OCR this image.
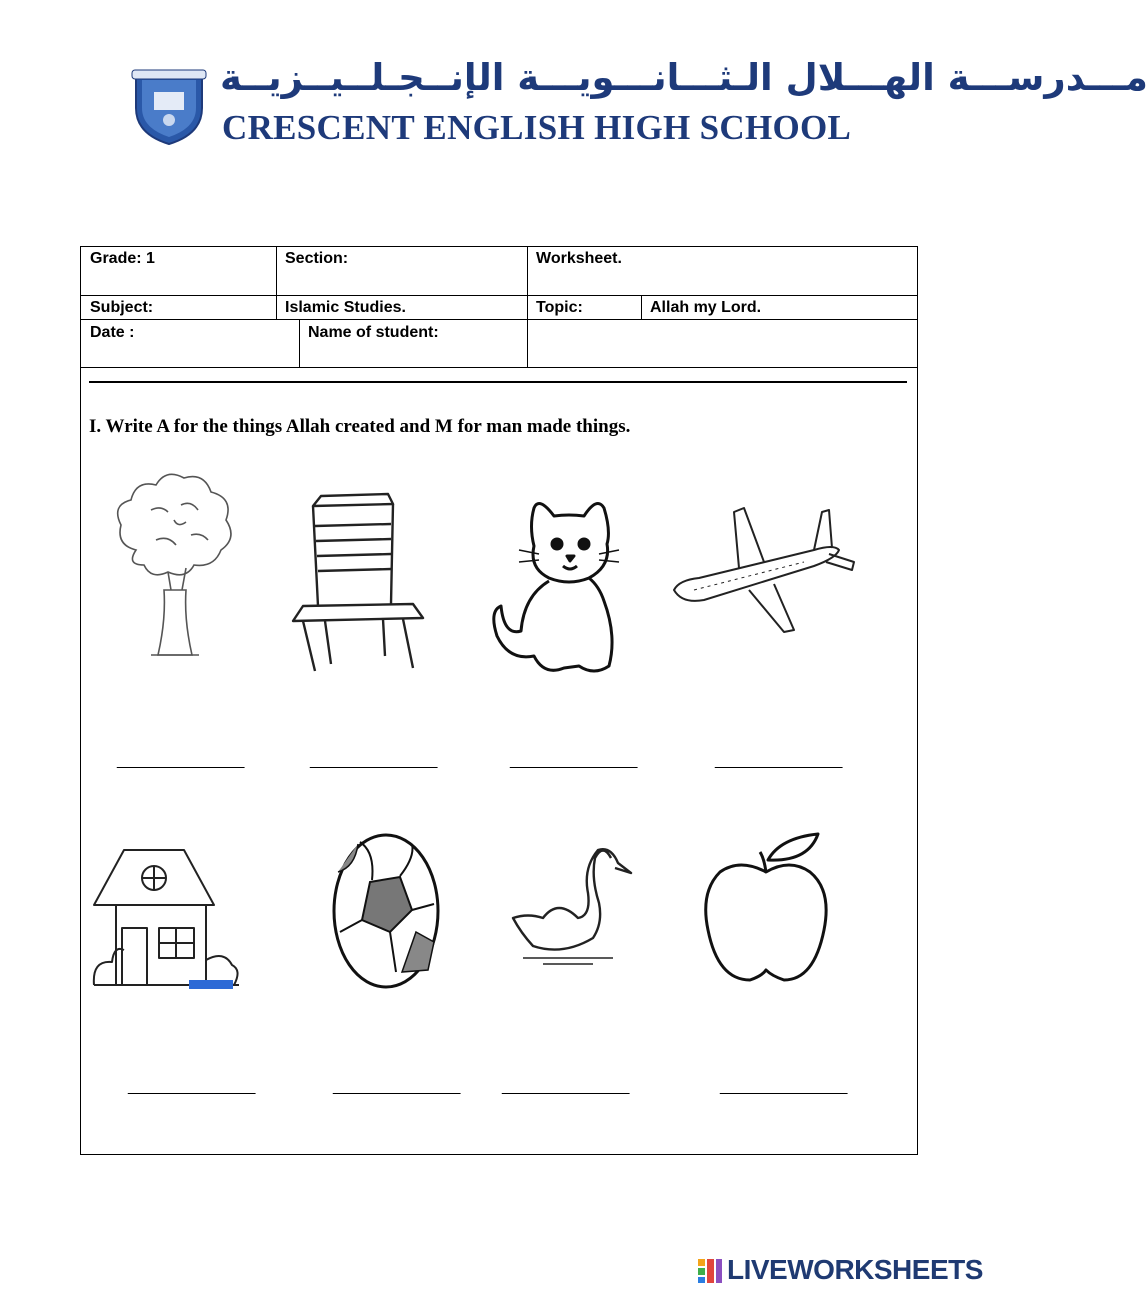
مـــدرســـة الهـــلال الـثـــانـــويـــة الإنــجـلــيــزيــة
CRESCENT ENGLISH HIGH SCHOOL
Grade: 1	Section:	Worksheet.
Subject:	Islamic Studies.	Topic:	Allah my Lord.
Date :	Name of student:
I. Write A for the things Allah created and M for man made things.
________________	________________	________________	________________
________________	________________	________________	________________
LIVEWORKSHEETS
